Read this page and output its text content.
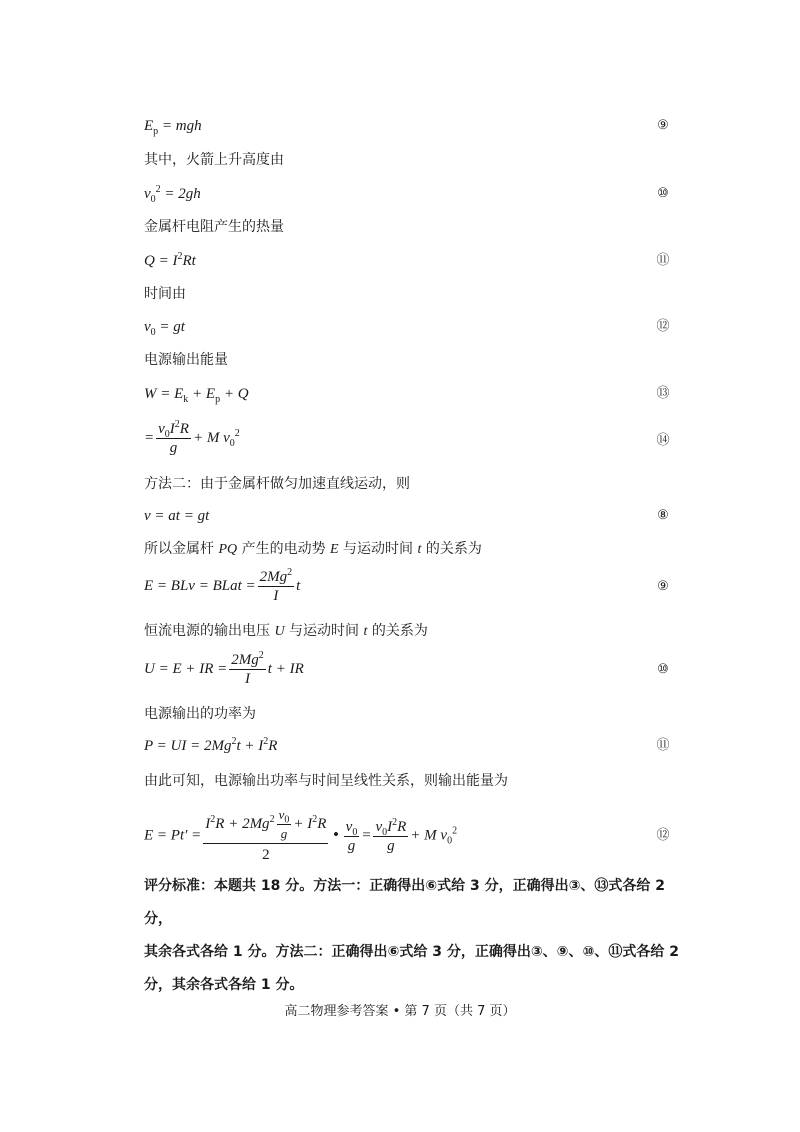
$E_p$ = mgh	⑨
其中，火箭上升高度由
$v_0^2 = 2gh$	⑩
金属杆电阻产生的热量
$Q = I^2Rt$	⑪
时间由
$v_0$ = gt	⑫
电源输出能量
$W = E_k + E_p + Q$	⑬
= $\frac{v_0I^2R}{g} + M$ $v_0^2$	⑭
方法二：由于金属杆做匀加速直线运动，则
v = at = gt	⑧
所以金属杆 PQ 产生的电动势 E 与运动时间 t 的关系为
E = BLv = BLat = $\frac{2Mg^2}{I}$ t	⑨
恒流电源的输出电压 U 与运动时间 t 的关系为
U = E + IR = $\frac{2Mg^2}{I}$ t + IR	⑩
电源输出的功率为
P = UI = $2Mg^2t + I^2R$	⑪
由此可知，电源输出功率与时间呈线性关系，则输出能量为
$E = Pt' = \frac{I^2R + 2Mg^2 \frac{v_0}{g} + I^2R}{2}$ • $\frac{v_0}{g} = \frac{v_0I^2R}{g} + M$ $v_0^2$	⑫
评分标准：本题共 18 分。方法一：正确得出⑥式给 3 分，正确得出③、⑬式各给 2 分，
其余各式各给 1 分。方法二：正确得出⑥式给 3 分，正确得出③、⑨、⑩、⑪式各给 2
分，其余各式各给 1 分。
高二物理参考答案 • 第 7 页（共 7 页）
